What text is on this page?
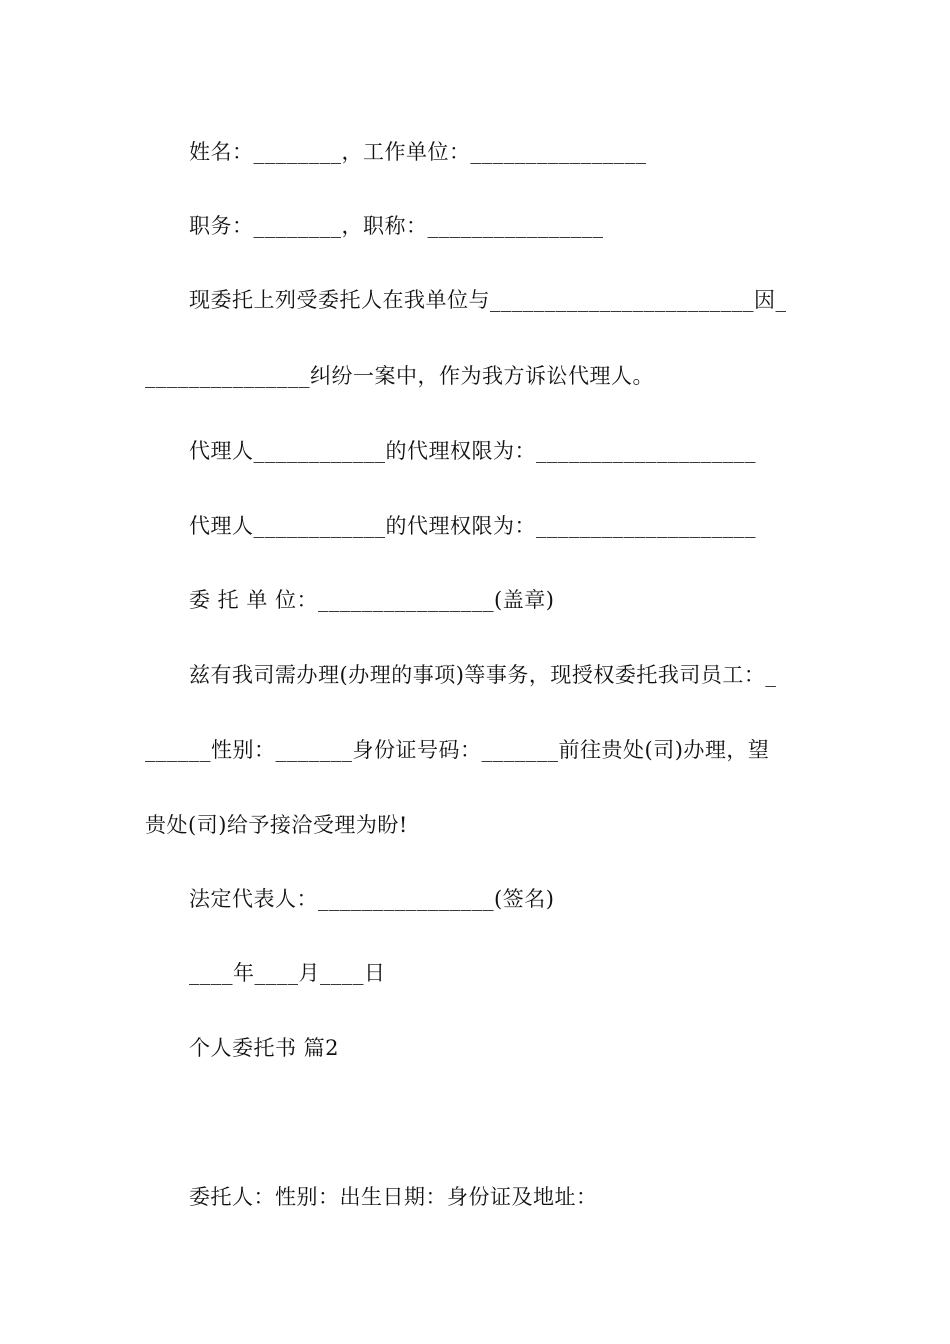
姓名：________，工作单位：________________
职务：________，职称：________________
现委托上列受委托人在我单位与________________________因_
_______________纠纷一案中，作为我方诉讼代理人。
代理人____________的代理权限为：____________________
代理人____________的代理权限为：____________________
委 托 单 位：________________(盖章)
兹有我司需办理(办理的事项)等事务，现授权委托我司员工：_
______性别：_______身份证号码：_______前往贵处(司)办理，望
贵处(司)给予接洽受理为盼!
法定代表人：________________(签名)
____年____月____日
个人委托书 篇2
委托人：性别：出生日期：身份证及地址：
